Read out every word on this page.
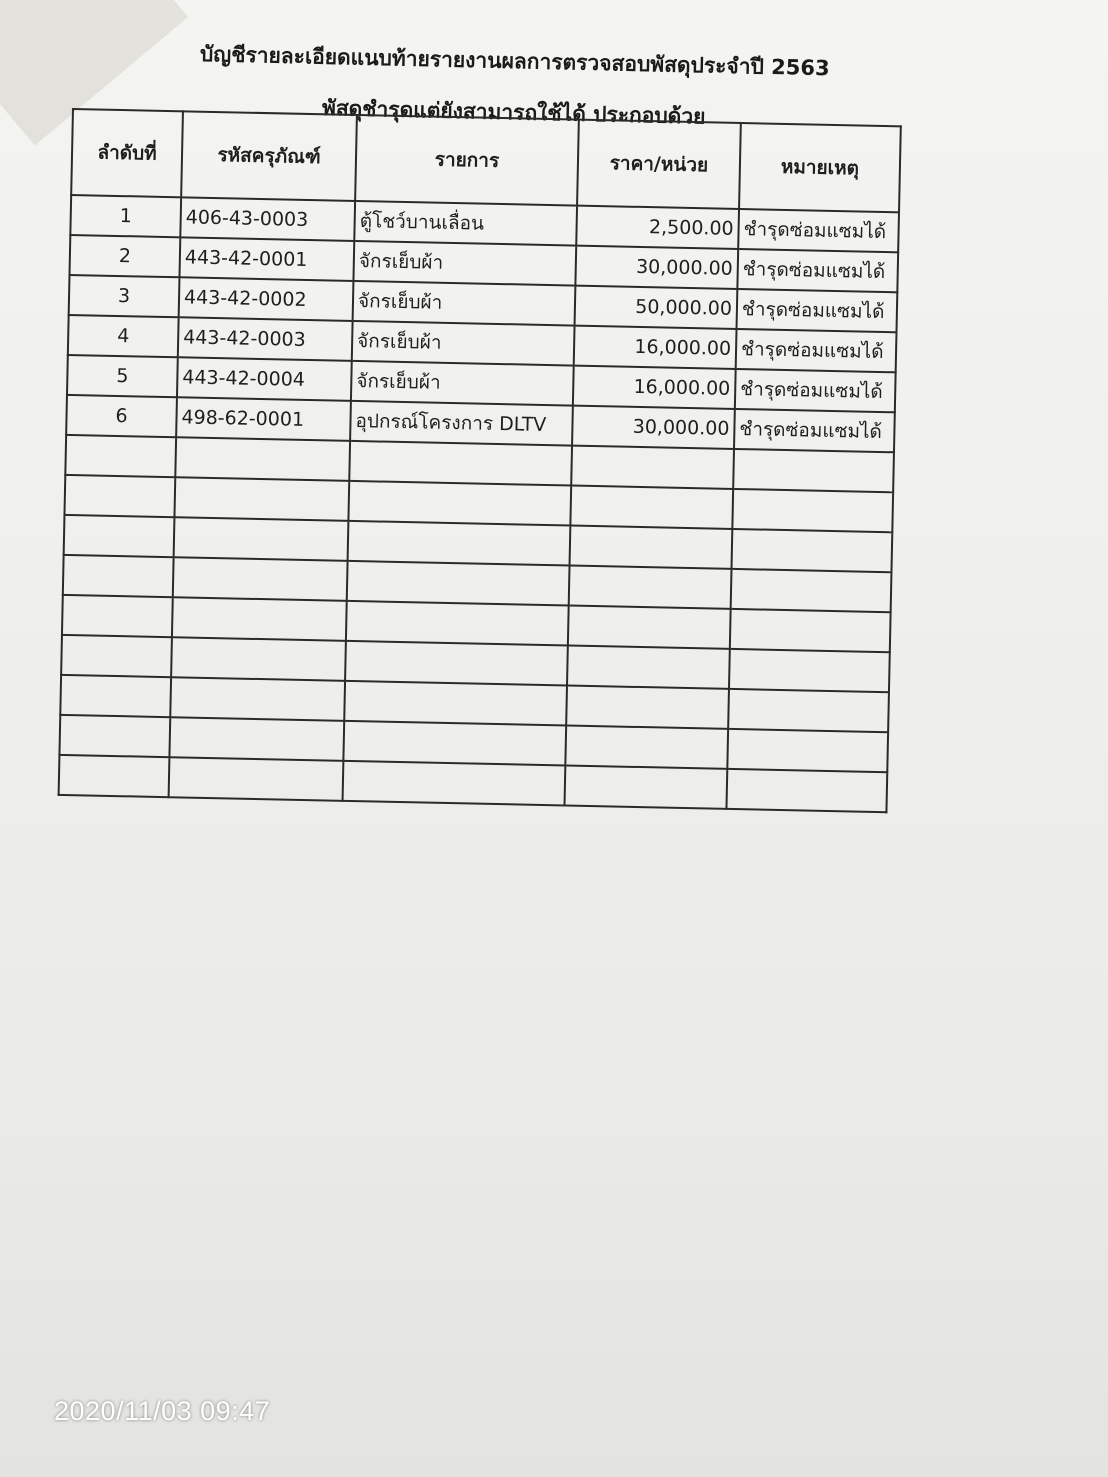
บัญชีรายละเอียดแนบท้ายรายงานผลการตรวจสอบพัสดุประจำปี 2563
พัสดุชำรุดแต่ยังสามารถใช้ได้ ประกอบด้วย
ลำดับที่	รหัสครุภัณฑ์	รายการ	ราคา/หน่วย	หมายเหตุ
1	406-43-0003	ตู้โชว์บานเลื่อน	2,500.00	ชำรุดซ่อมแซมได้
2	443-42-0001	จักรเย็บผ้า	30,000.00	ชำรุดซ่อมแซมได้
3	443-42-0002	จักรเย็บผ้า	50,000.00	ชำรุดซ่อมแซมได้
4	443-42-0003	จักรเย็บผ้า	16,000.00	ชำรุดซ่อมแซมได้
5	443-42-0004	จักรเย็บผ้า	16,000.00	ชำรุดซ่อมแซมได้
6	498-62-0001	อุปกรณ์โครงการ DLTV	30,000.00	ชำรุดซ่อมแซมได้

2020/11/03 09:47
